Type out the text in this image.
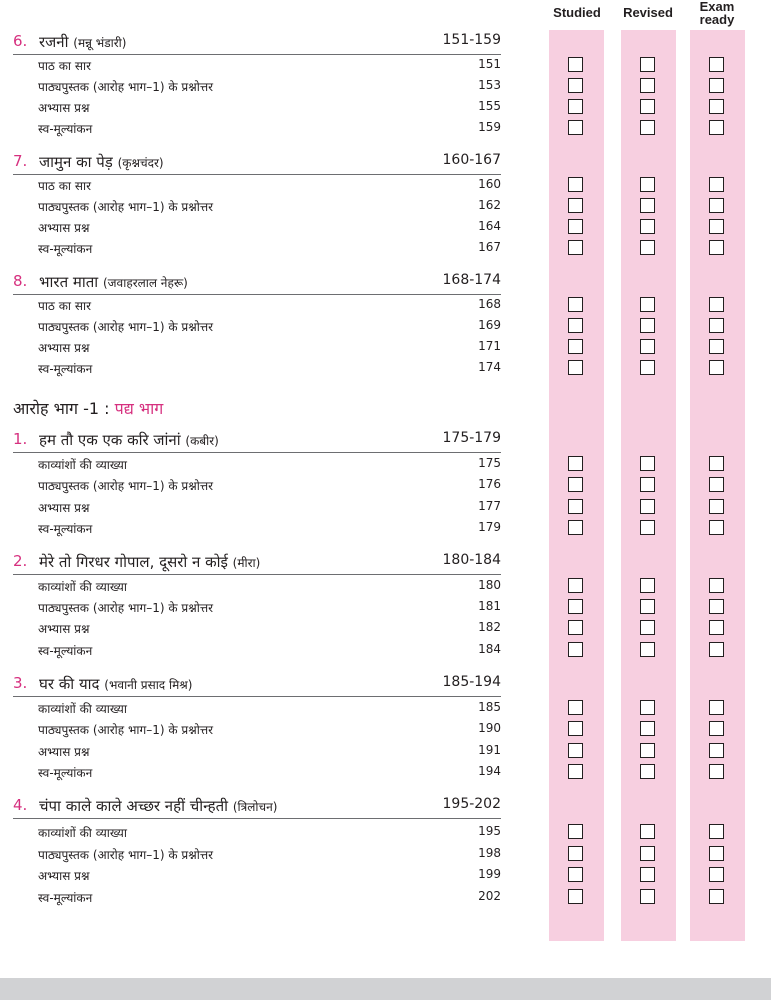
Studied	Revised	Exam
ready
आरोह भाग -1 : पद्य भाग
6. रजनी (मन्नू भंडारी)	151-159
पाठ का सार	151
पाठ्यपुस्तक (आरोह भाग–1) के प्रश्नोत्तर	153
अभ्यास प्रश्न	155
स्व-मूल्यांकन	159
7. जामुन का पेड़ (कृश्नचंदर)	160-167
पाठ का सार	160
पाठ्यपुस्तक (आरोह भाग–1) के प्रश्नोत्तर	162
अभ्यास प्रश्न	164
स्व-मूल्यांकन	167
8. भारत माता (जवाहरलाल नेहरू)	168-174
पाठ का सार	168
पाठ्यपुस्तक (आरोह भाग–1) के प्रश्नोत्तर	169
अभ्यास प्रश्न	171
स्व-मूल्यांकन	174
1. हम तौ एक एक करि जांनां (कबीर)	175-179
काव्यांशों की व्याख्या	175
पाठ्यपुस्तक (आरोह भाग–1) के प्रश्नोत्तर	176
अभ्यास प्रश्न	177
स्व-मूल्यांकन	179
2. मेरे तो गिरधर गोपाल, दूसरो न कोई (मीरा)	180-184
काव्यांशों की व्याख्या	180
पाठ्यपुस्तक (आरोह भाग–1) के प्रश्नोत्तर	181
अभ्यास प्रश्न	182
स्व-मूल्यांकन	184
3. घर की याद (भवानी प्रसाद मिश्र)	185-194
काव्यांशों की व्याख्या	185
पाठ्यपुस्तक (आरोह भाग–1) के प्रश्नोत्तर	190
अभ्यास प्रश्न	191
स्व-मूल्यांकन	194
4. चंपा काले काले अच्छर नहीं चीन्हती (त्रिलोचन)	195-202
काव्यांशों की व्याख्या	195
पाठ्यपुस्तक (आरोह भाग–1) के प्रश्नोत्तर	198
अभ्यास प्रश्न	199
स्व-मूल्यांकन	202
